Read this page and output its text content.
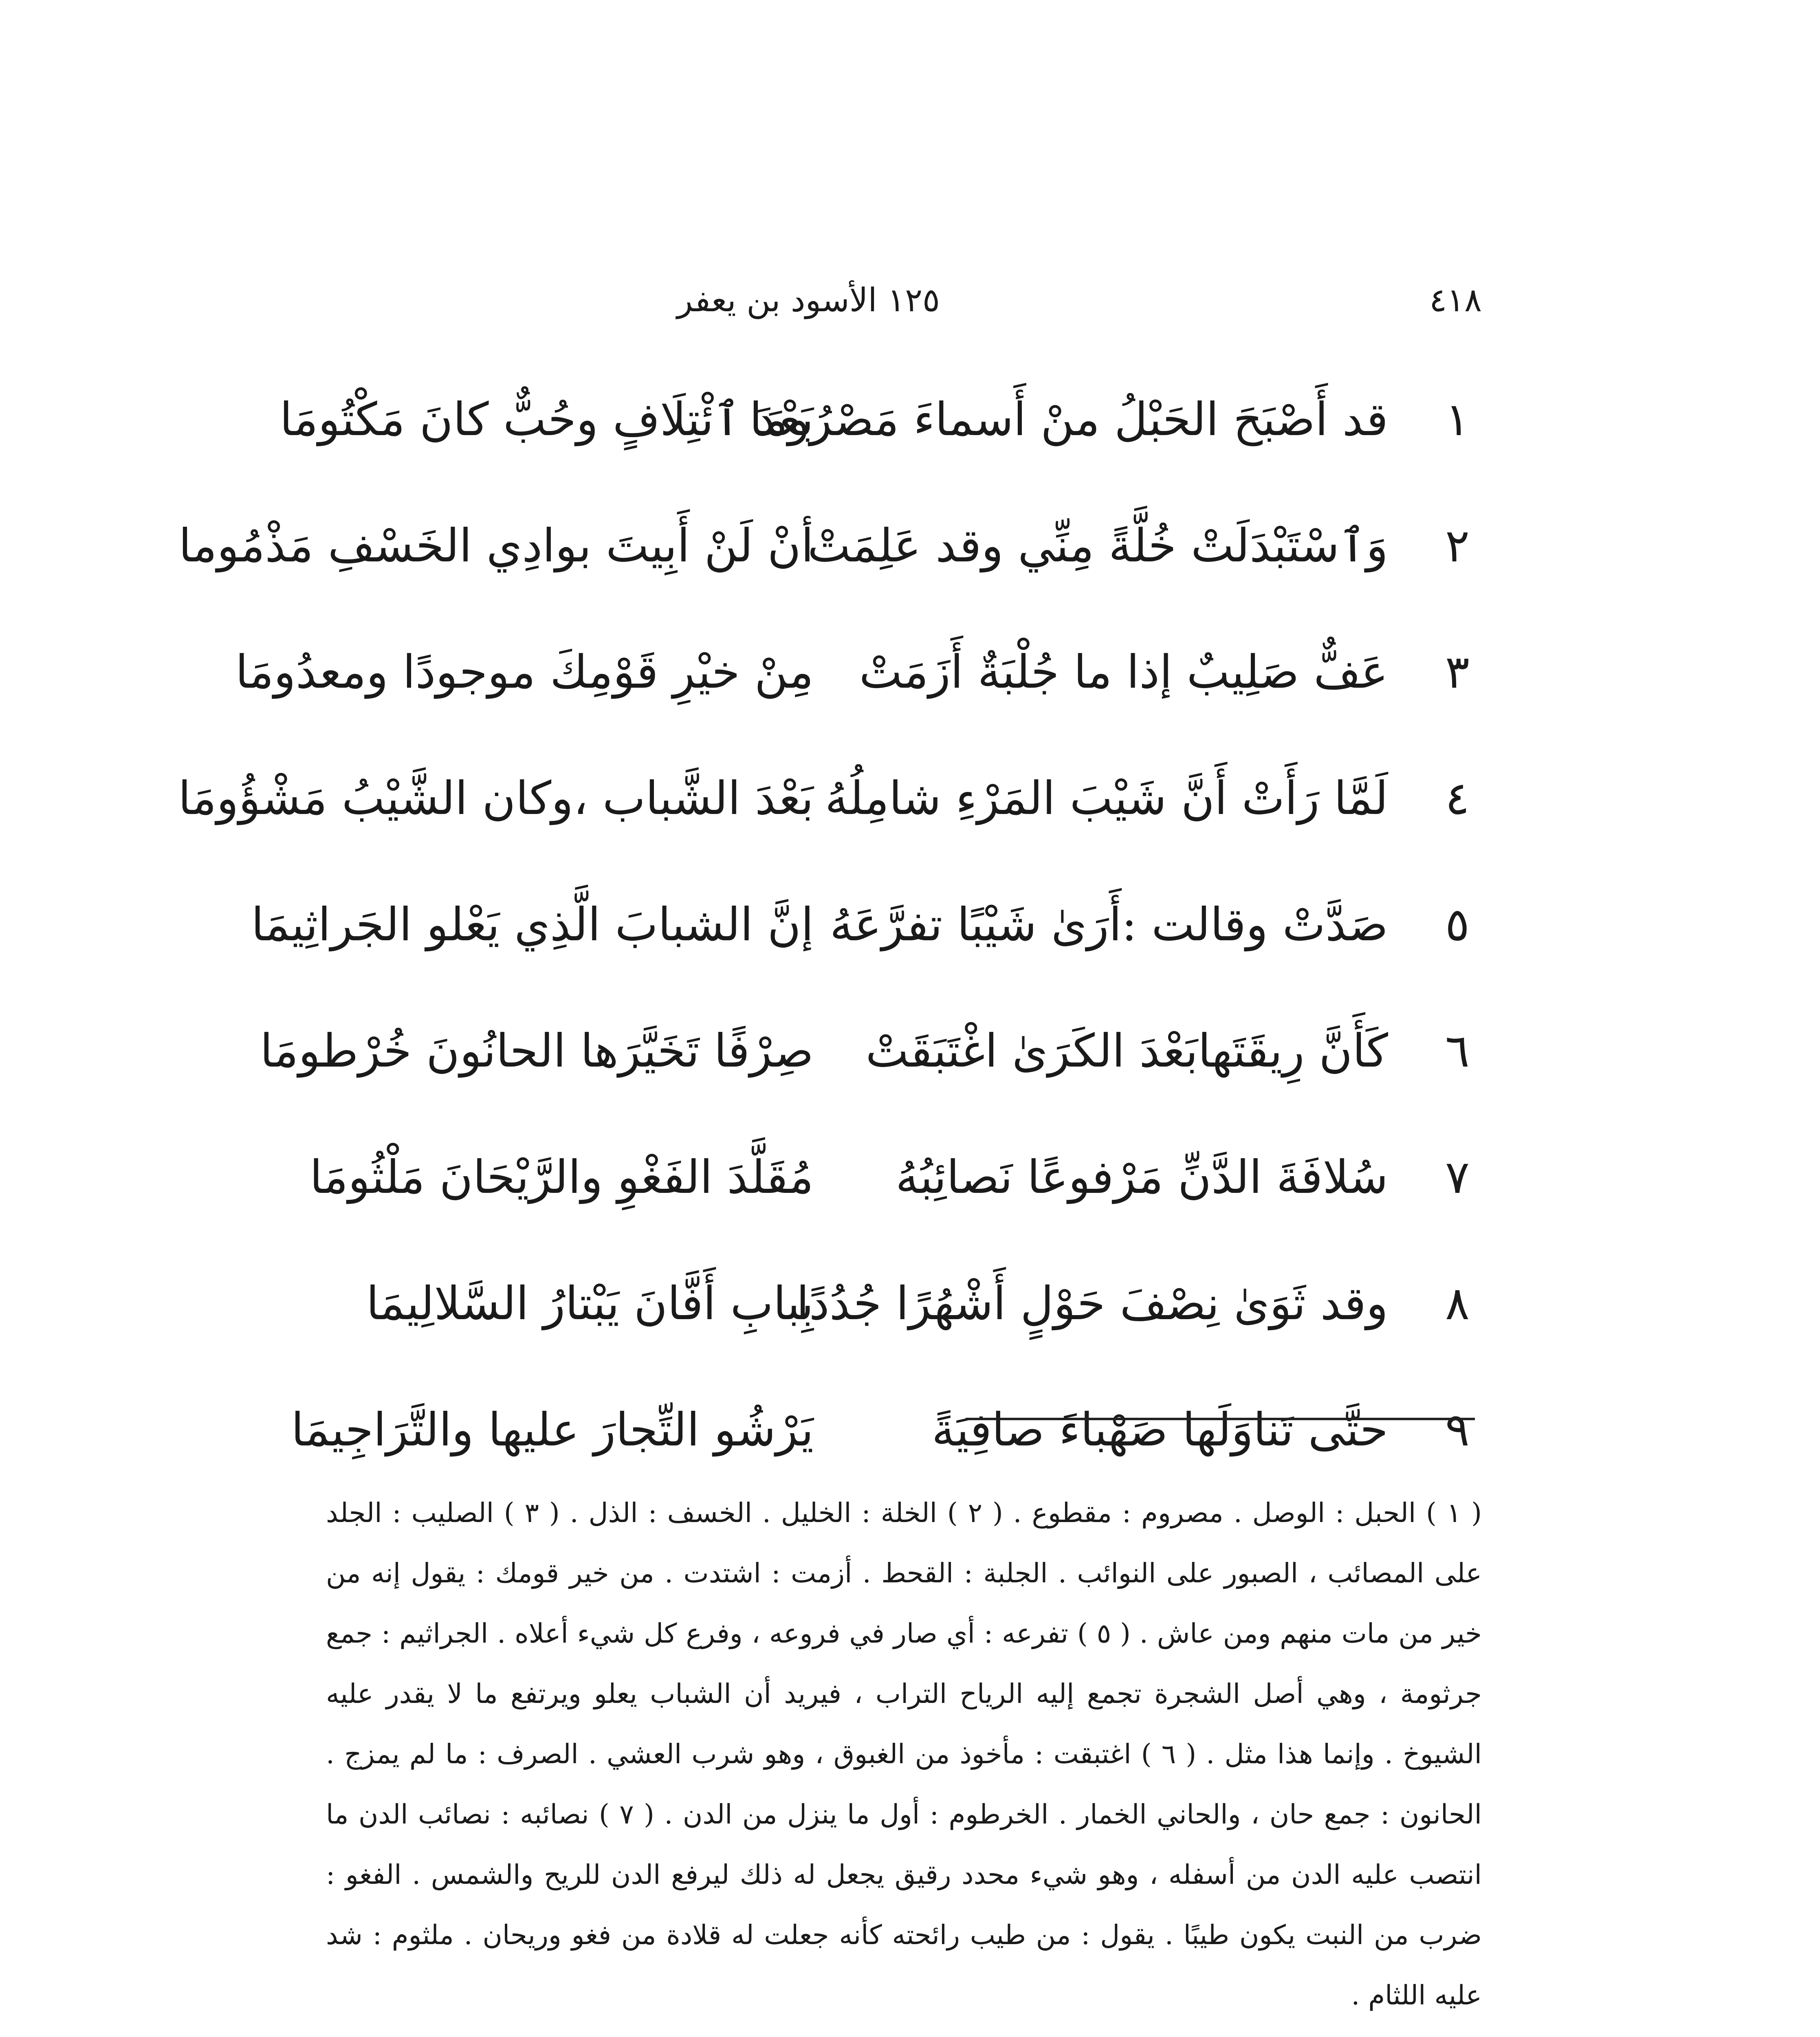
٤١٨
١٢٥ الأسود بن يعفر
١
قد أَصْبَحَ الحَبْلُ منْ أَسماءَ مَصْرُومَا
بَعْدَ ٱئْتِلَافٍ وحُبٌّ كانَ مَكْتُومَا
٢
وَٱسْتَبْدَلَتْ خُلَّةً مِنِّي وقد عَلِمَتْ
أنْ لَنْ أَبِيتَ بوادِي الخَسْفِ مَذْمُوما
٣
عَفٌّ صَلِيبٌ إذا ما جُلْبَةٌ أَزَمَتْ
مِنْ خيْرِ قَوْمِكَ موجودًا ومعدُومَا
٤
لَمَّا رَأَتْ أَنَّ شَيْبَ المَرْءِ شامِلُهُ
بَعْدَ الشَّباب ،وكان الشَّيْبُ مَشْؤُومَا
٥
صَدَّتْ وقالت :أَرَىٰ شَيْبًا تفرَّعَهُ
إنَّ الشبابَ الَّذِي يَعْلو الجَراثِيمَا
٦
كَأَنَّ رِيقَتَهابَعْدَ الكَرَىٰ اغْتَبَقَتْ
صِرْفًا تَخَيَّرَها الحانُونَ خُرْطومَا
٧
سُلافَةَ الدَّنِّ مَرْفوعًا نَصائِبُهُ
مُقَلَّدَ الفَغْوِ والرَّيْحَانَ مَلْثُومَا
٨
وقد ثَوَىٰ نِصْفَ حَوْلٍ أَشْهُرًا جُدُدًا
بِبابِ أَفَّانَ يَبْتارُ السَّلالِيمَا
٩
حتَّى تَناوَلَها صَهْباءَ صافِيَةً
يَرْشُو التِّجارَ عليها والتَّرَاجِيمَا

( ١ ) الحبل : الوصل . مصروم : مقطوع . ( ٢ ) الخلة : الخليل . الخسف : الذل . ( ٣ ) الصليب : الجلد على المصائب ، الصبور على النوائب . الجلبة : القحط . أزمت : اشتدت . من خير قومك : يقول إنه من خير من مات منهم ومن عاش . ( ٥ ) تفرعه : أي صار في فروعه ، وفرع كل شيء أعلاه . الجراثيم : جمع جرثومة ، وهي أصل الشجرة تجمع إليه الرياح التراب ، فيريد أن الشباب يعلو ويرتفع ما لا يقدر عليه الشيوخ . وإنما هذا مثل . ( ٦ ) اغتبقت : مأخوذ من الغبوق ، وهو شرب العشي . الصرف : ما لم يمزج . الحانون : جمع حان ، والحاني الخمار . الخرطوم : أول ما ينزل من الدن . ( ٧ ) نصائبه : نصائب الدن ما انتصب عليه الدن من أسفله ، وهو شيء محدد رقيق يجعل له ذلك ليرفع الدن للريح والشمس . الفغو : ضرب من النبت يكون طيبًا . يقول : من طيب رائحته كأنه جعلت له قلادة من فغو وريحان . ملثوم : شد عليه اللثام .
